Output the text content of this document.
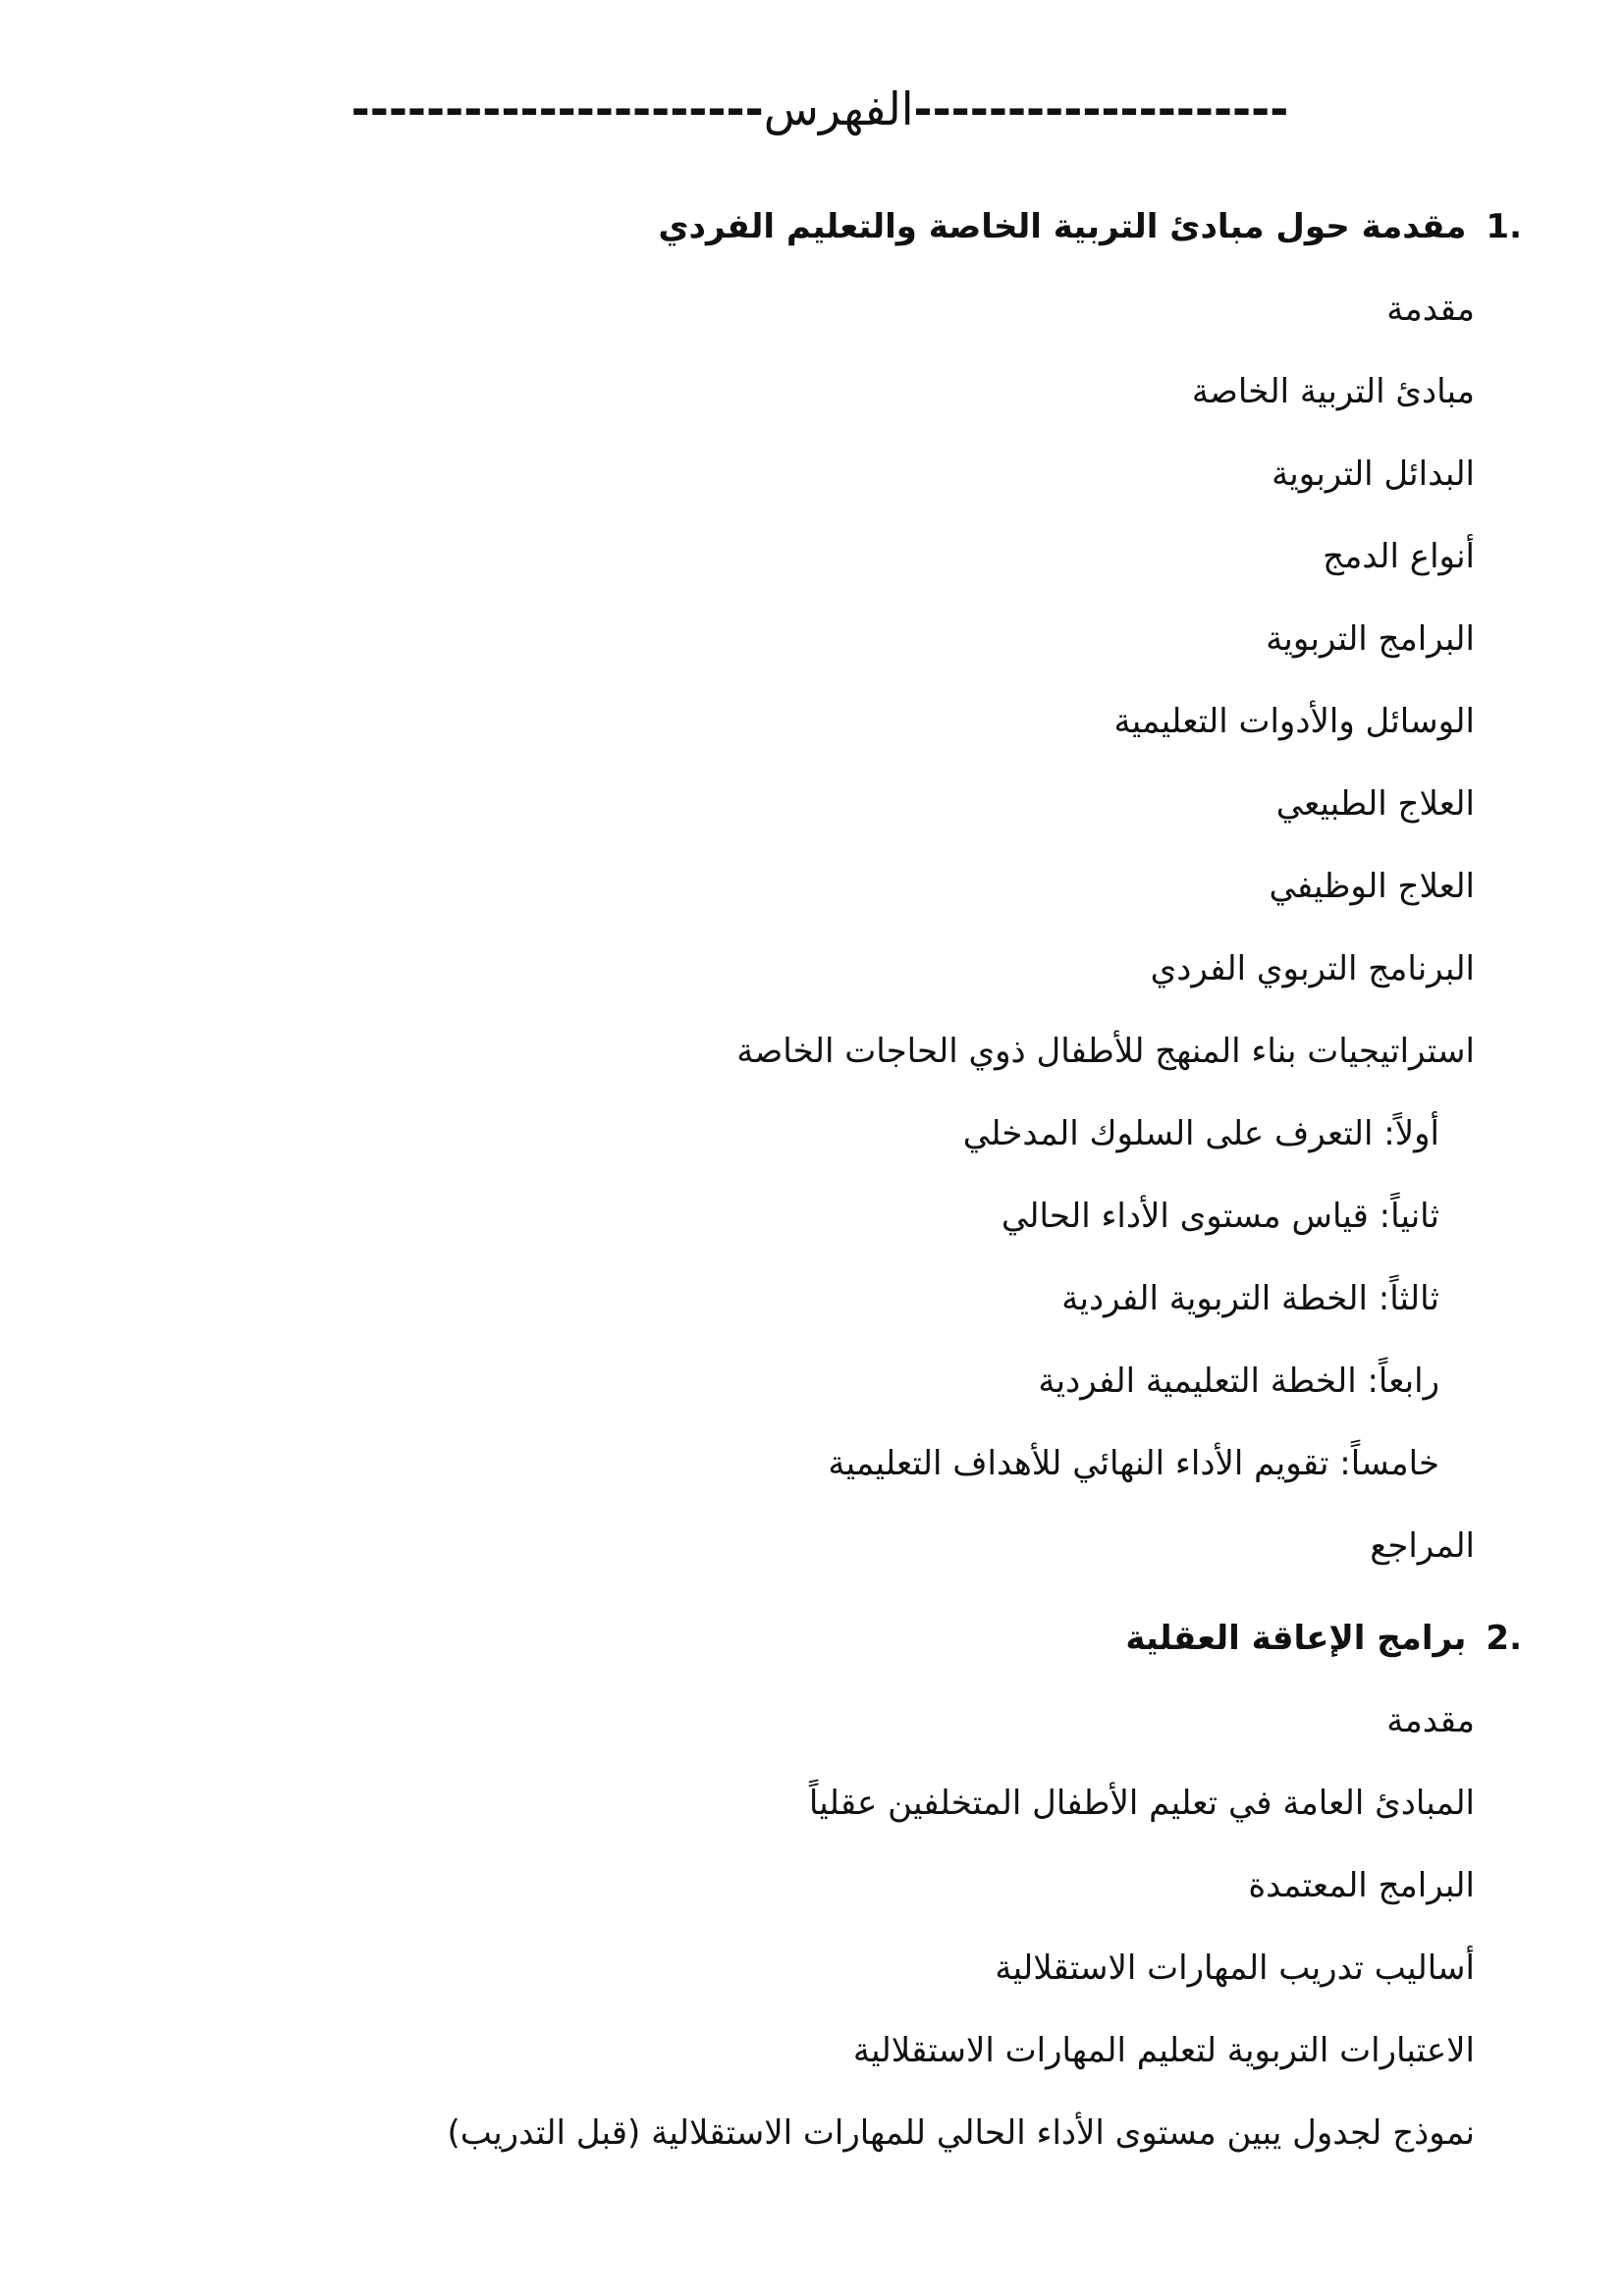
----------------------الفهرس--------------------
1.مقدمة حول مبادئ التربية الخاصة والتعليم الفردي
مقدمة
مبادئ التربية الخاصة
البدائل التربوية
أنواع الدمج
البرامج التربوية
الوسائل والأدوات التعليمية
العلاج الطبيعي
العلاج الوظيفي
البرنامج التربوي الفردي
استراتيجيات بناء المنهج للأطفال ذوي الحاجات الخاصة
أولاً: التعرف على السلوك المدخلي
ثانياً: قياس مستوى الأداء الحالي
ثالثاً: الخطة التربوية الفردية
رابعاً: الخطة التعليمية الفردية
خامساً: تقويم الأداء النهائي للأهداف التعليمية
المراجع
2.برامج الإعاقة العقلية
مقدمة
المبادئ العامة في تعليم الأطفال المتخلفين عقلياً
البرامج المعتمدة
أساليب تدريب المهارات الاستقلالية
الاعتبارات التربوية لتعليم المهارات الاستقلالية
نموذج لجدول يبين مستوى الأداء الحالي للمهارات الاستقلالية (قبل التدريب)
